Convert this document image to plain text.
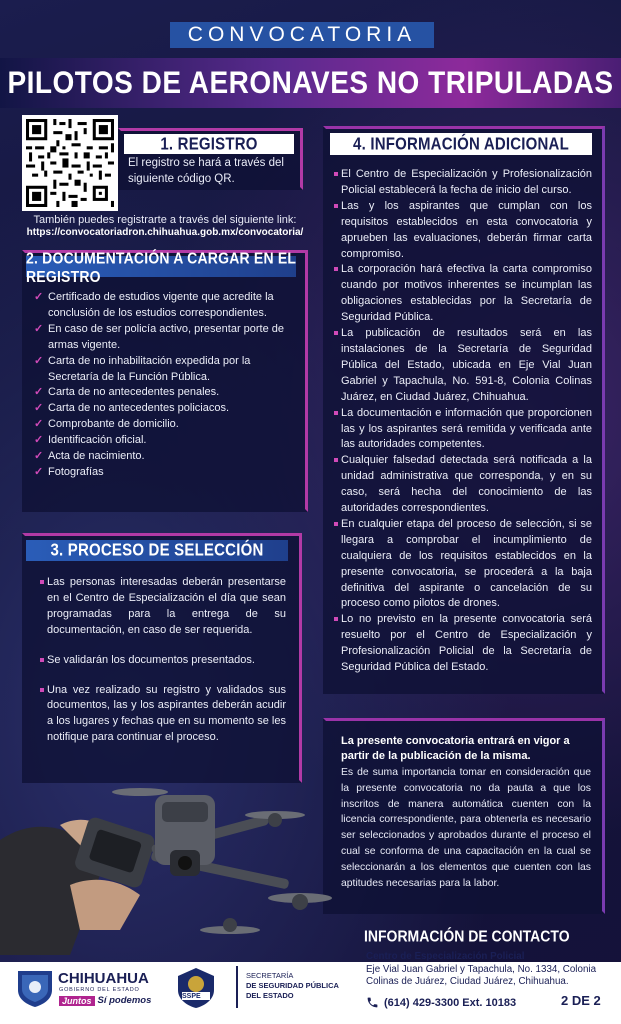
CONVOCATORIA
PILOTOS DE AERONAVES NO TRIPULADAS
1. REGISTRO
El registro se hará a través del siguiente código QR.
También puedes registrarte a través del siguiente link:
https://convocatoriadron.chihuahua.gob.mx/convocatoria/
2. DOCUMENTACIÓN A CARGAR EN EL REGISTRO
✓ Certificado de estudios vigente que acredite la conclusión de los estudios correspondientes.
✓ En caso de ser policía activo, presentar porte de armas vigente.
✓ Carta de no inhabilitación expedida por la Secretaría de la Función Pública.
✓ Carta de no antecedentes penales.
✓ Carta de no antecedentes policiacos.
✓ Comprobante de domicilio.
✓ Identificación oficial.
✓ Acta de nacimiento.
✓ Fotografías
3. PROCESO DE SELECCIÓN
Las personas interesadas deberán presentarse en el Centro de Especialización el día que sean programadas para la entrega de su documentación, en caso de ser requerida.
Se validarán los documentos presentados.
Una vez realizado su registro y validados sus documentos, las y los aspirantes deberán acudir a los lugares y fechas que en su momento se les notifique para continuar el proceso.
4. INFORMACIÓN ADICIONAL
El Centro de Especialización y Profesionalización Policial establecerá la fecha de inicio del curso.
Las y los aspirantes que cumplan con los requisitos establecidos en esta convocatoria y aprueben las evaluaciones, deberán firmar carta compromiso.
La corporación hará efectiva la carta compromiso cuando por motivos inherentes se incumplan las obligaciones establecidas por la Secretaría de Seguridad Pública.
La publicación de resultados será en las instalaciones de la Secretaría de Seguridad Pública del Estado, ubicada en Eje Vial Juan Gabriel y Tapachula, No. 591-8, Colonia Colinas Juárez, en Ciudad Juárez, Chihuahua.
La documentación e información que proporcionen las y los aspirantes será remitida y verificada ante las autoridades competentes.
Cualquier falsedad detectada será notificada a la unidad administrativa que corresponda, y en su caso, será hecha del conocimiento de las autoridades correspondientes.
En cualquier etapa del proceso de selección, si se llegara a comprobar el incumplimiento de cualquiera de los requisitos establecidos en la presente convocatoria, se procederá a la baja definitiva del aspirante o cancelación de su proceso como pilotos de drones.
Lo no previsto en la presente convocatoria será resuelto por el Centro de Especialización y Profesionalización Policial de la Secretaría de Seguridad Pública del Estado.
La presente convocatoria entrará en vigor a partir de la publicación de la misma.
Es de suma importancia tomar en consideración que la presente convocatoria no da pauta a que los inscritos de manera automática cuenten con la licencia correspondiente, para obtenerla es necesario ser seleccionados y aprobados durante el proceso el cual se conforma de una capacitación en la cual se seleccionarán a los elementos que cuenten con las aptitudes necesarias para la labor.
INFORMACIÓN DE CONTACTO
Centro de Especialización Policial
Eje Vial Juan Gabriel y Tapachula, No. 1334, Colonia Colinas de Juárez, Ciudad Juárez, Chihuahua.
(614) 429-3300 Ext. 10183	2 DE 2
CHIHUAHUA
GOBIERNO DEL ESTADO
Juntos Sí podemos	SSPE
SECRETARÍA
DE SEGURIDAD PÚBLICA
DEL ESTADO
